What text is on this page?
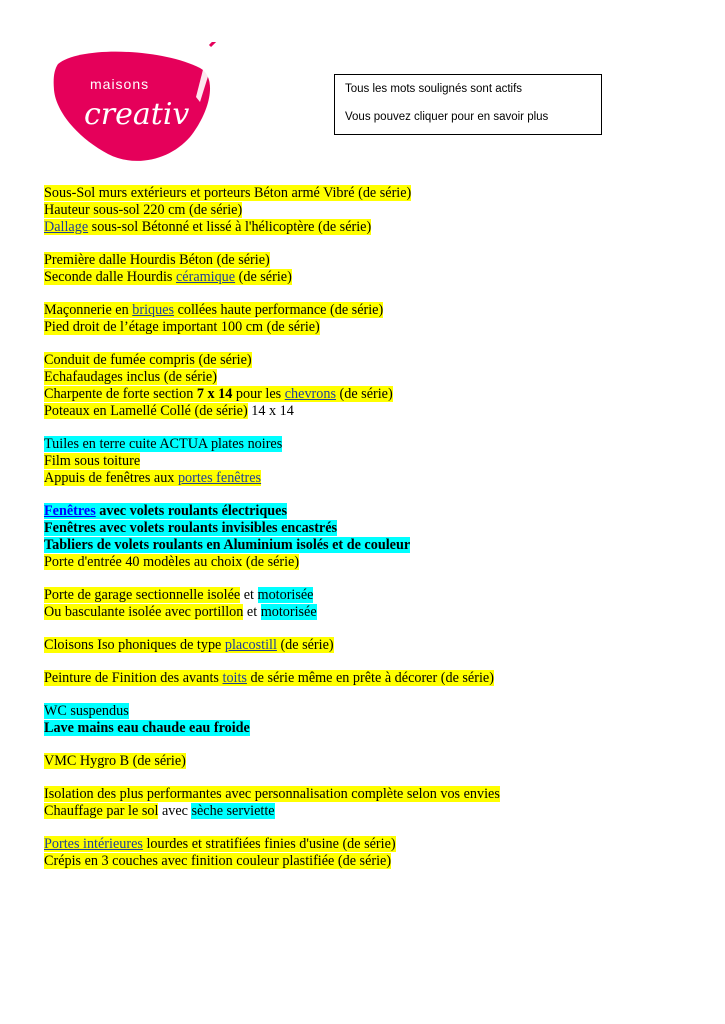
maisons
creativ
Tous les mots soulignés sont actifs
Vous pouvez cliquer pour en savoir plus
Sous-Sol murs extérieurs et porteurs Béton armé Vibré (de série)
Hauteur sous-sol 220 cm (de série)
Dallage sous-sol Bétonné et lissé à l'hélicoptère (de série)
Première dalle Hourdis Béton (de série)
Seconde dalle Hourdis céramique (de série)
Maçonnerie en briques collées haute performance (de série)
Pied droit de l’étage important 100 cm (de série)
Conduit de fumée compris (de série)
Echafaudages inclus (de série)
Charpente de forte section 7 x 14 pour les chevrons (de série)
Poteaux en Lamellé Collé (de série) 14 x 14
Tuiles en terre cuite ACTUA plates noires
Film sous toiture
Appuis de fenêtres aux portes fenêtres
Fenêtres avec volets roulants électriques
Fenêtres avec volets roulants invisibles encastrés
Tabliers de volets roulants en Aluminium isolés et de couleur
Porte d'entrée 40 modèles au choix (de série)
Porte de garage sectionnelle isolée et motorisée
Ou basculante isolée avec portillon et motorisée
Cloisons Iso phoniques de type placostill (de série)
Peinture de Finition des avants toits de série même en prête à décorer (de série)
WC suspendus
Lave mains eau chaude eau froide
VMC Hygro B (de série)
Isolation des plus performantes avec personnalisation complète selon vos envies
Chauffage par le sol avec sèche serviette
Portes intérieures lourdes et stratifiées finies d'usine (de série)
Crépis en 3 couches avec finition couleur plastifiée (de série)
